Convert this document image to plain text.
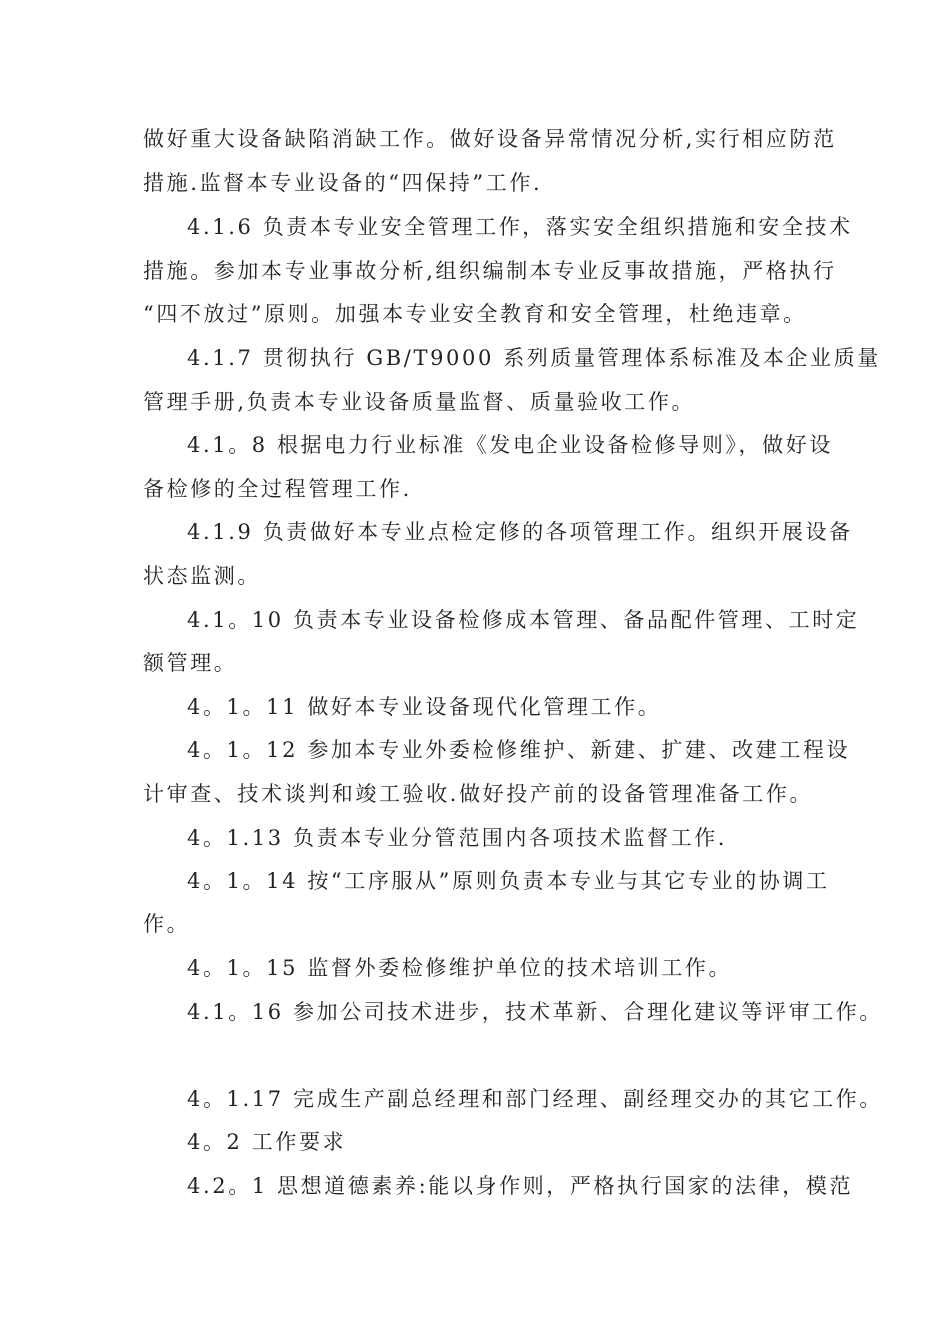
做好重大设备缺陷消缺工作。做好设备异常情况分析,实行相应防范
措施.监督本专业设备的“四保持”工作.
4.1.6 负责本专业安全管理工作，落实安全组织措施和安全技术
措施。参加本专业事故分析,组织编制本专业反事故措施，严格执行
“四不放过”原则。加强本专业安全教育和安全管理，杜绝违章。
4.1.7 贯彻执行 GB/T9000 系列质量管理体系标准及本企业质量
管理手册,负责本专业设备质量监督、质量验收工作。
4.1。8 根据电力行业标准《发电企业设备检修导则》，做好设
备检修的全过程管理工作.
4.1.9 负责做好本专业点检定修的各项管理工作。组织开展设备
状态监测。
4.1。10 负责本专业设备检修成本管理、备品配件管理、工时定
额管理。
4。1。11 做好本专业设备现代化管理工作。
4。1。12 参加本专业外委检修维护、新建、扩建、改建工程设
计审查、技术谈判和竣工验收.做好投产前的设备管理准备工作。
4。1.13 负责本专业分管范围内各项技术监督工作.
4。1。14 按“工序服从”原则负责本专业与其它专业的协调工
作。
4。1。15 监督外委检修维护单位的技术培训工作。
4.1。16 参加公司技术进步，技术革新、合理化建议等评审工作。
4。1.17 完成生产副总经理和部门经理、副经理交办的其它工作。
4。2 工作要求
4.2。1 思想道德素养:能以身作则，严格执行国家的法律，模范
